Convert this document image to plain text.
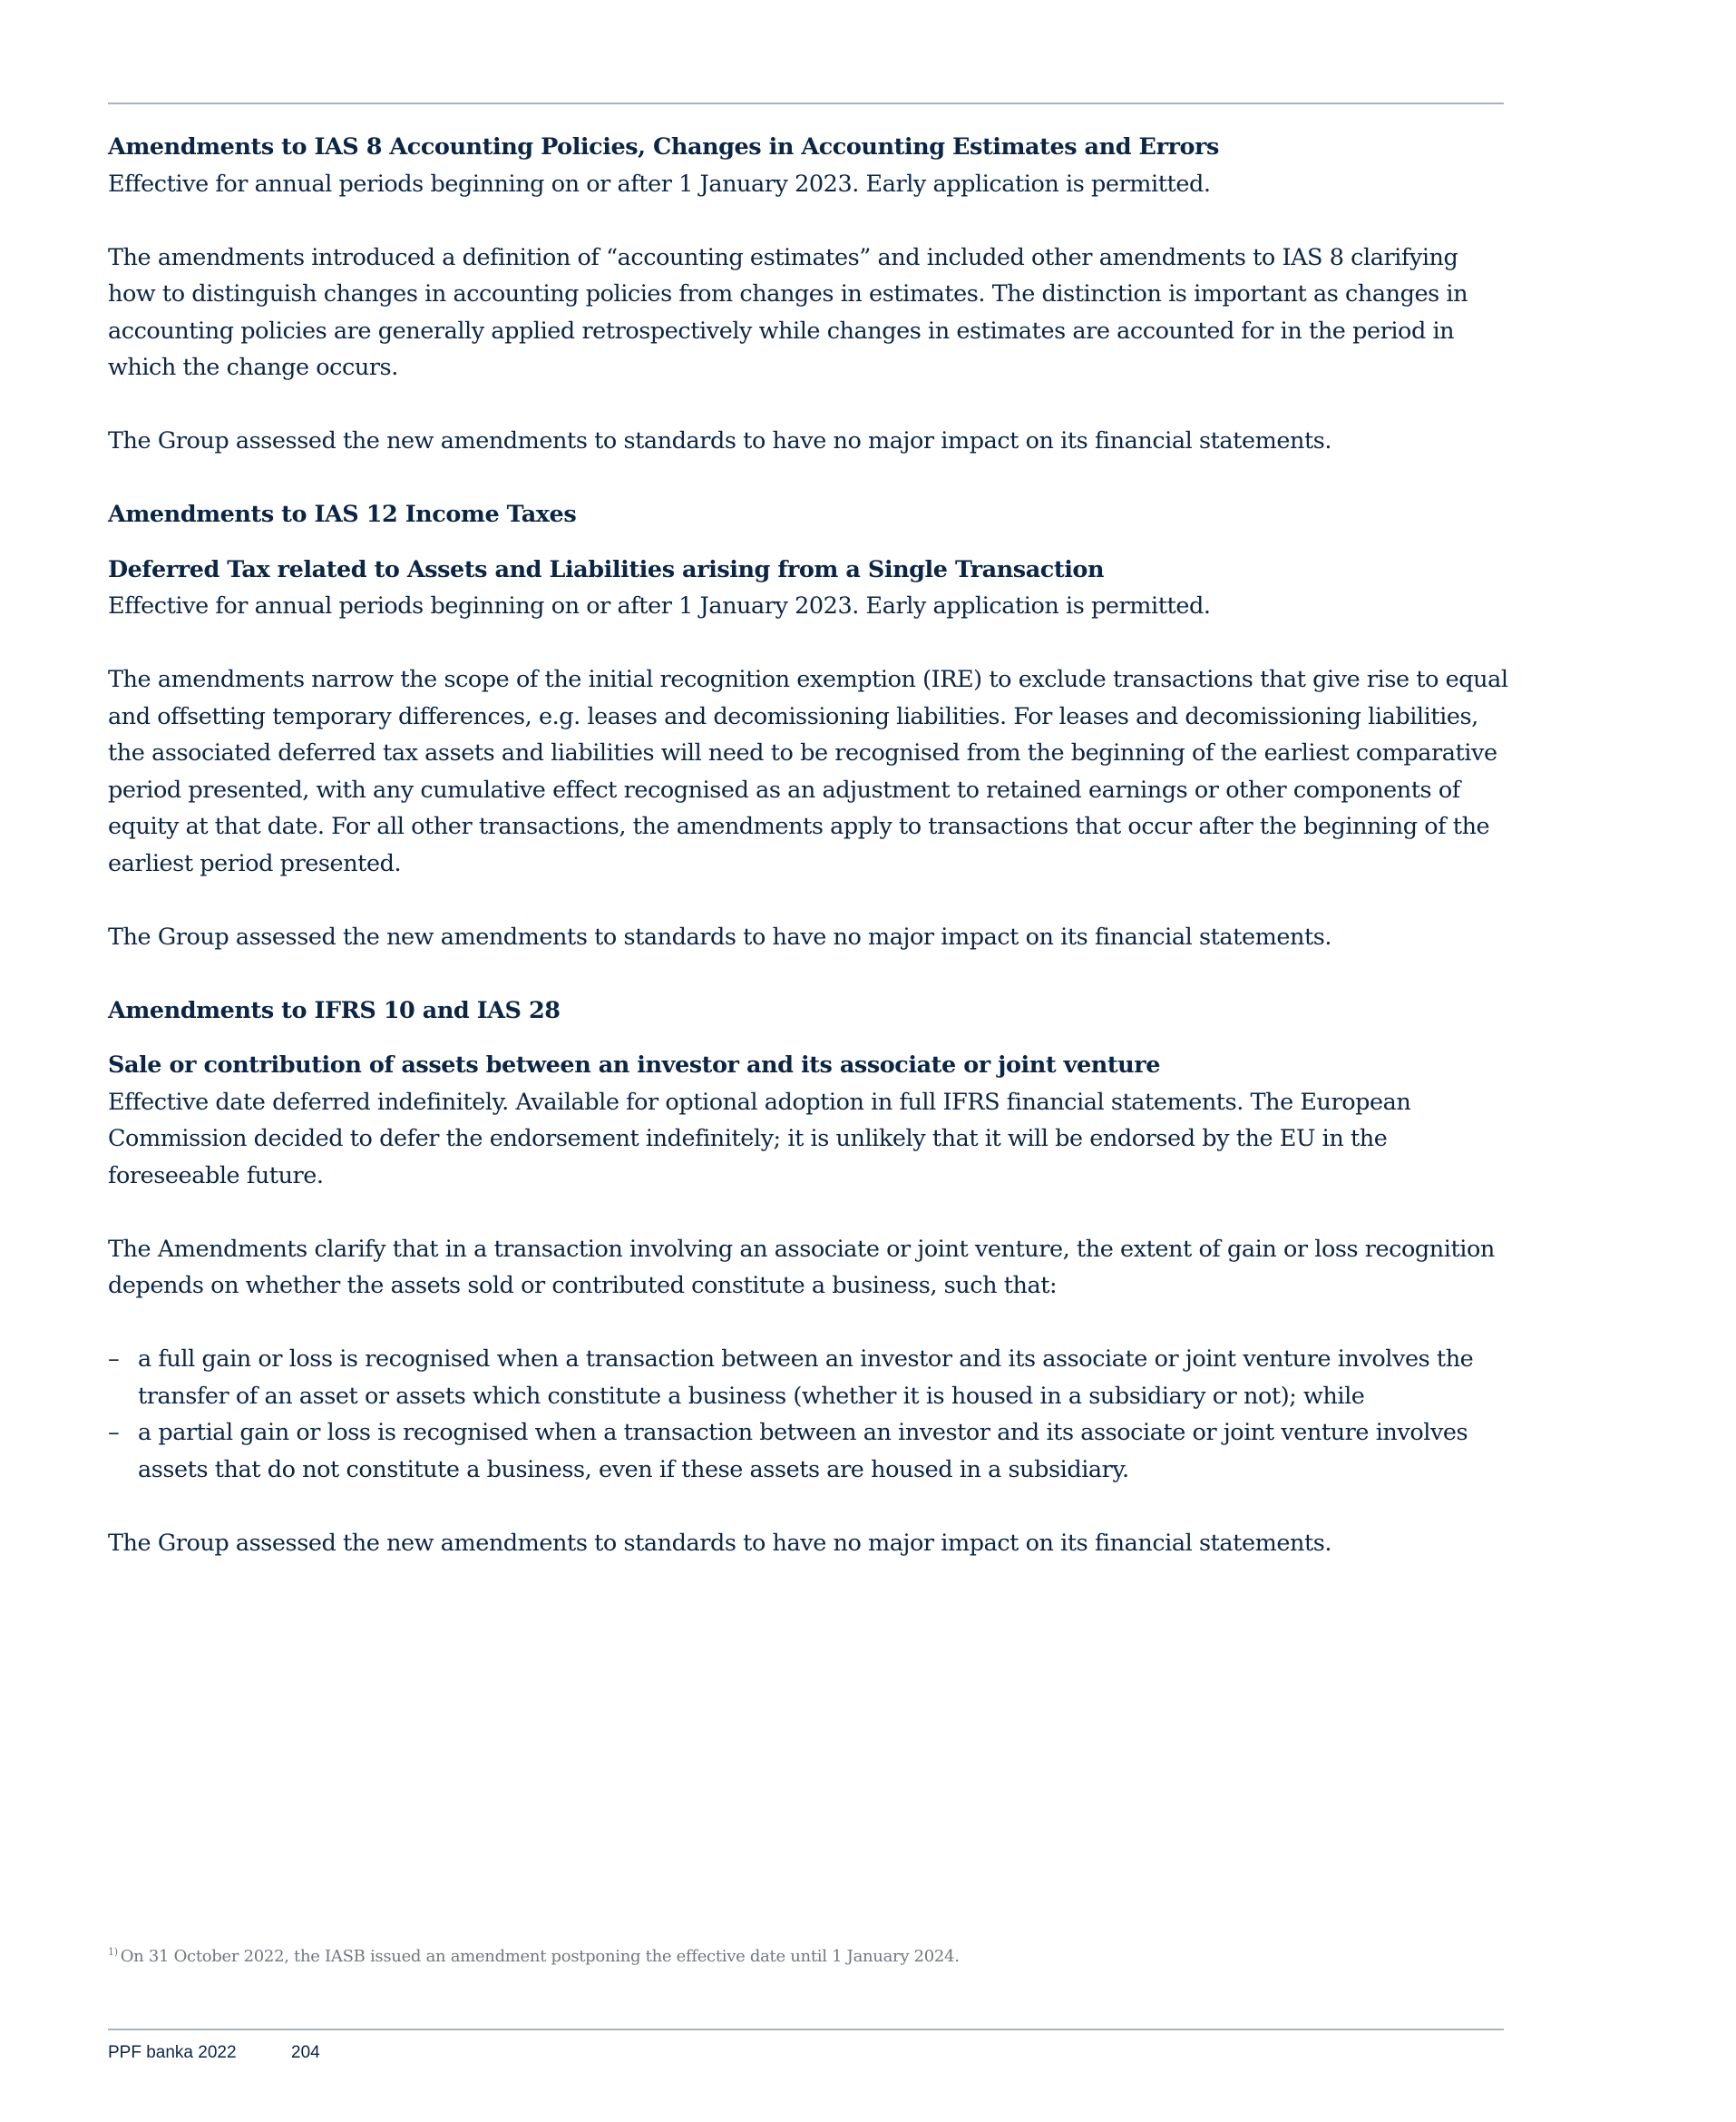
Amendments to IAS 8 Accounting Policies, Changes in Accounting Estimates and Errors

Effective for annual periods beginning on or after 1 January 2023. Early application is permitted.

The amendments introduced a definition of “accounting estimates” and included other amendments to IAS 8 clarifying how to distinguish changes in accounting policies from changes in estimates. The distinction is important as changes in accounting policies are generally applied retrospectively while changes in estimates are accounted for in the period in which the change occurs.

The Group assessed the new amendments to standards to have no major impact on its financial statements.

Amendments to IAS 12 Income Taxes

Deferred Tax related to Assets and Liabilities arising from a Single Transaction

Effective for annual periods beginning on or after 1 January 2023. Early application is permitted.

The amendments narrow the scope of the initial recognition exemption (IRE) to exclude transactions that give rise to equal and offsetting temporary differences, e.g. leases and decomissioning liabilities. For leases and decomissioning liabilities, the associated deferred tax assets and liabilities will need to be recognised from the beginning of the earliest comparative period presented, with any cumulative effect recognised as an adjustment to retained earnings or other components of equity at that date. For all other transactions, the amendments apply to transactions that occur after the beginning of the earliest period presented.

The Group assessed the new amendments to standards to have no major impact on its financial statements.

Amendments to IFRS 10 and IAS 28

Sale or contribution of assets between an investor and its associate or joint venture

Effective date deferred indefinitely. Available for optional adoption in full IFRS financial statements. The European Commission decided to defer the endorsement indefinitely; it is unlikely that it will be endorsed by the EU in the foreseeable future.

The Amendments clarify that in a transaction involving an associate or joint venture, the extent of gain or loss recognition depends on whether the assets sold or contributed constitute a business, such that:

– a full gain or loss is recognised when a transaction between an investor and its associate or joint venture involves the transfer of an asset or assets which constitute a business (whether it is housed in a subsidiary or not); while
– a partial gain or loss is recognised when a transaction between an investor and its associate or joint venture involves assets that do not constitute a business, even if these assets are housed in a subsidiary.

The Group assessed the new amendments to standards to have no major impact on its financial statements.

$^{1)}$ On 31 October 2022, the IASB issued an amendment postponing the effective date until 1 January 2024.
PPF banka 2022	204
